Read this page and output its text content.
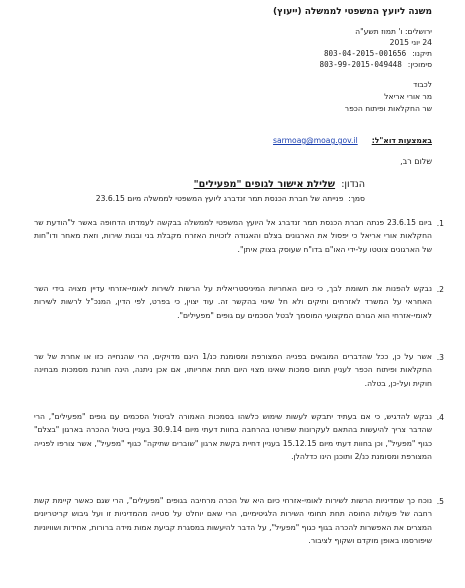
משנה ליועץ המשפטי לממשלה (ייעוץ)
ירושלים: ו' תמוז תשע"ה
24 יוני 2015
תיקנו:803-04-2015-001656
סימוכין:803-99-2015-049448
לכבוד
מר אורי אריאל
שר החקלאות ופיתוח הכפר
באמצעות דוא"ל:sarmoag@moag.gov.il
שלום רב,
הנדון:  שלילת אישור לגופים "מפעילים"
סמך:  פנייתה של חברת הכנסת תמר זנדברג ליועץ המשפטי לממשלה מיום 23.6.15
1.
ביום 23.6.15 פנתה חברת הכנסת תמר זנדברג אל היועץ המשפטי לממשלה בבקשה לעמדתו הדחופה באשר ל"הודעת שר החקלאות אורי אריאל כי יפסול את הארגונים בצלם והאגודה לזכויות האזרח מקבלת בני ובנות שירות, וזאת מאחר ודו"חות של הארגונים צוטטו על-ידי האו"ם בדו"ח שעוסק בצוק איתן".
2.
נבקש להפנות את תשומת לבך, כי כיום האחריות המיניסטריאלית על הרשות לשירות לאומי-אזרחי עדיין מצויה בידי השר האחראי על המשרד לאזרחים ותיקים ולא חל שינוי בהקשר זה. עוד יצוין, כי בפרט, לפי הדין, המנכ"ל לרשות לשירות לאומי-אזרחי הוא הגורם המקצועי המוסמך לבטל הסכמים עם גופים "מפעילים".
3.
אשר על כן, ככל שהדברים המובאים בפנייה המצורפת ומסומנת כנ/1 הינם מדויקים, הרי שהנחייה כזו או אחרת של שר החקלאות ופיתוח הכפר לעניין תחום סמכות שאינו מצוי היום תחת אחריותו, אם אכן ניתנה, הינה חורגת מסמכות מבחינה חוקית ועל-כן, בטלה.
4.
נבקש להדגיש, כי אם בעתיד יתבקש לעשות שימוש כלשהו בסמכות האמורה לביטול הסכמים עם גופים "מפעילים", הרי שהדבר צריך להיעשות בהתאם לעקרונות שפורטו בהרחבה בחוות דעתי מיום 30.9.14 בעניין ביטול ההכרה בארגון "בצלם" כגוף "מפעיל", וכן בחוות דעתי מיום 15.12.15 בעניין דחיית בקשת ארגון "שוברים שתיקה" כגוף "מפעיל", אשר צורפו לפנייה המצורפת ומסומנת כנ/2 ותוכנן הינו כדלהלן.
5.
נוכח כך שמדיניות הרשות לשירות לאומי-אזרחי כיום היא של הכרה מרחיבה בגופים "מפעילים", הרי שגם כאשר קיימת קשת רחבה של פעולות החוסה תחת תחומי השירות הלגיטימיים, הרי שאם יוחלט על סטייה מהמדיניות זו ועל גיבוש קריטריונים המצרים את האפשרות להכרה בגוף כגוף "מפעיל", על הדבר להיעשות במסגרת קביעת אמות מידה ברורות, אחידות ושוויוניות שיפורסמו באופן מוקדם ושקוף לציבור.
